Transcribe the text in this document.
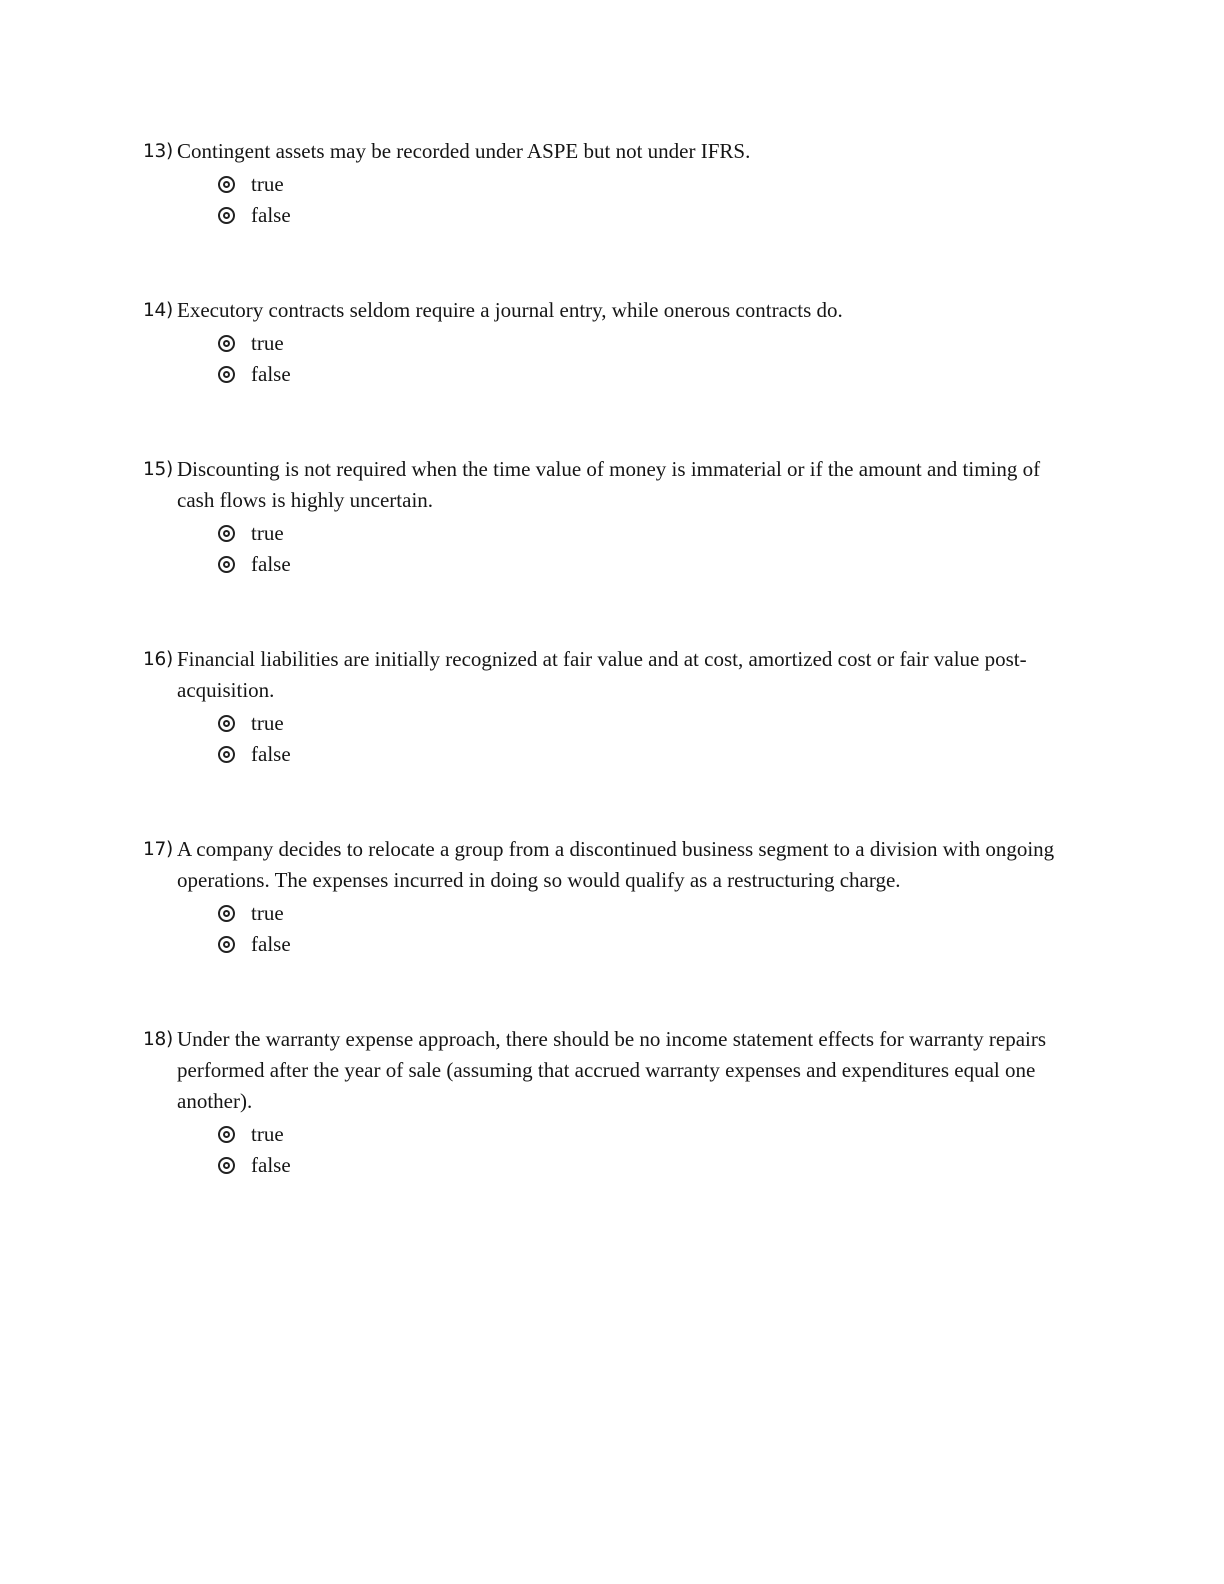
13) Contingent assets may be recorded under ASPE but not under IFRS.
true
false
14) Executory contracts seldom require a journal entry, while onerous contracts do.
true
false
15) Discounting is not required when the time value of money is immaterial or if the amount and timing of cash flows is highly uncertain.
true
false
16) Financial liabilities are initially recognized at fair value and at cost, amortized cost or fair value post-acquisition.
true
false
17) A company decides to relocate a group from a discontinued business segment to a division with ongoing operations. The expenses incurred in doing so would qualify as a restructuring charge.
true
false
18) Under the warranty expense approach, there should be no income statement effects for warranty repairs performed after the year of sale (assuming that accrued warranty expenses and expenditures equal one another).
true
false
